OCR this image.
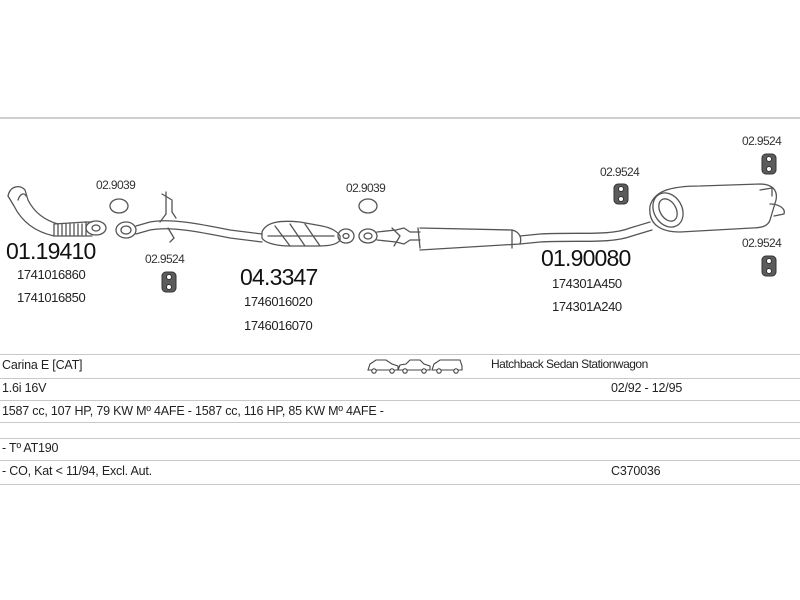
02.9039	02.9039
02.9524
02.9524
02.9524
02.9524
01.19410
1741016860
1741016850
04.3347
1746016020
1746016070
01.90080
174301A450
174301A240
Carina E [CAT]	Hatchback Sedan Stationwagon
1.6i 16V	02/92 - 12/95
1587 cc, 107 HP, 79 KW Mº 4AFE - 1587 cc, 116 HP, 85 KW Mº 4AFE -
- Tº AT190
- CO, Kat < 11/94, Excl. Aut.	C370036
